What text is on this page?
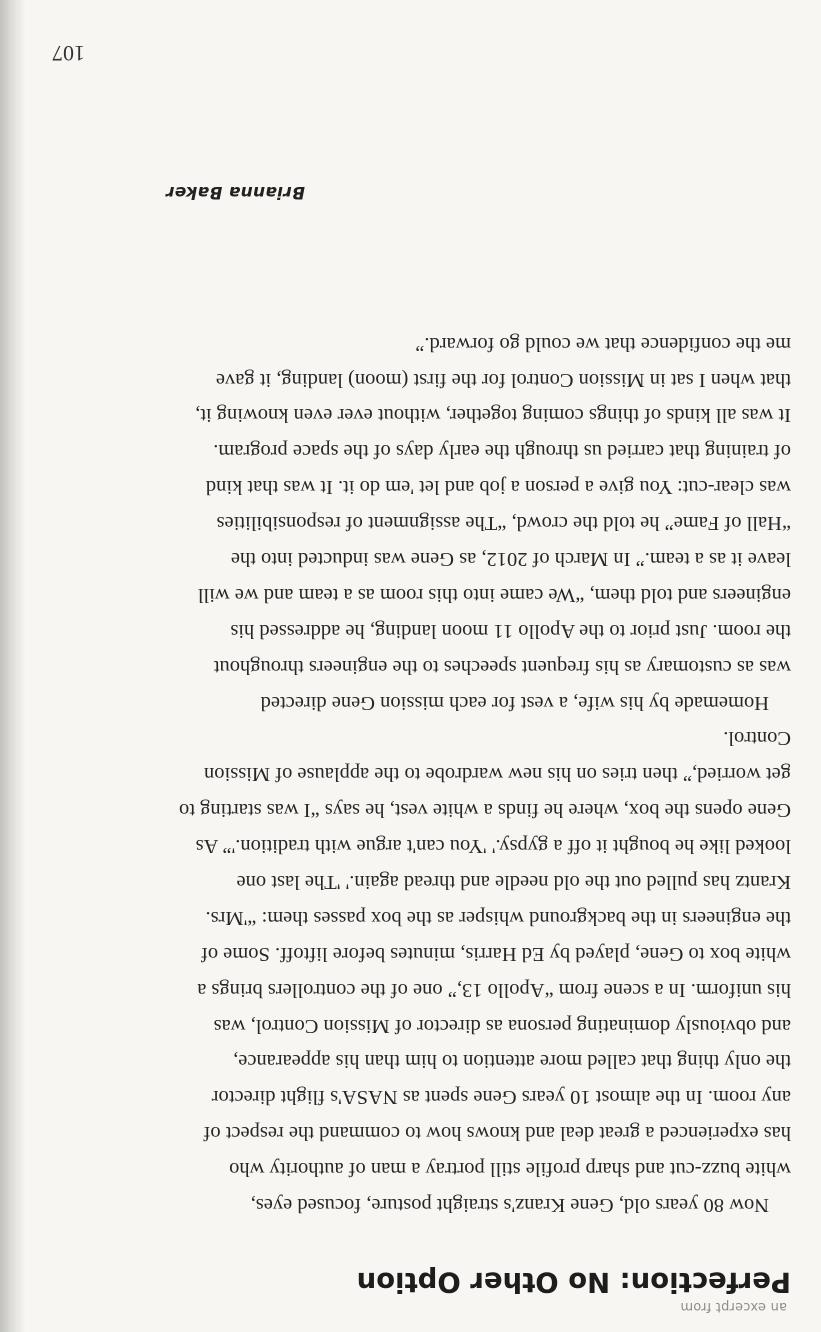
an excerpt from
Perfection: No Other Option
Now 80 years old, Gene Kranz's straight posture, focused eyes,
white buzz-cut and sharp profile still portray a man of authority who
has experienced a great deal and knows how to command the respect of
any room. In the almost 10 years Gene spent as NASA's flight director
the only thing that called more attention to him than his appearance,
and obviously dominating persona as director of Mission Control, was
his uniform. In a scene from “Apollo 13,” one of the controllers brings a
white box to Gene, played by Ed Harris, minutes before liftoff. Some of
the engineers in the background whisper as the box passes them: “'Mrs.
Krantz has pulled out the old needle and thread again.' 'The last one
looked like he bought it off a gypsy.' 'You can't argue with tradition.'” As
Gene opens the box, where he finds a white vest, he says “I was starting to
get worried,” then tries on his new wardrobe to the applause of Mission
Control.
Homemade by his wife, a vest for each mission Gene directed
was as customary as his frequent speeches to the engineers throughout
the room. Just prior to the Apollo 11 moon landing, he addressed his
engineers and told them, “We came into this room as a team and we will
leave it as a team.” In March of 2012, as Gene was inducted into the
“Hall of Fame” he told the crowd, “The assignment of responsibilities
was clear-cut: You give a person a job and let 'em do it. It was that kind
of training that carried us through the early days of the space program.
It was all kinds of things coming together, without ever even knowing it,
that when I sat in Mission Control for the first (moon) landing, it gave
me the confidence that we could go forward.”
Brianna Baker
107
